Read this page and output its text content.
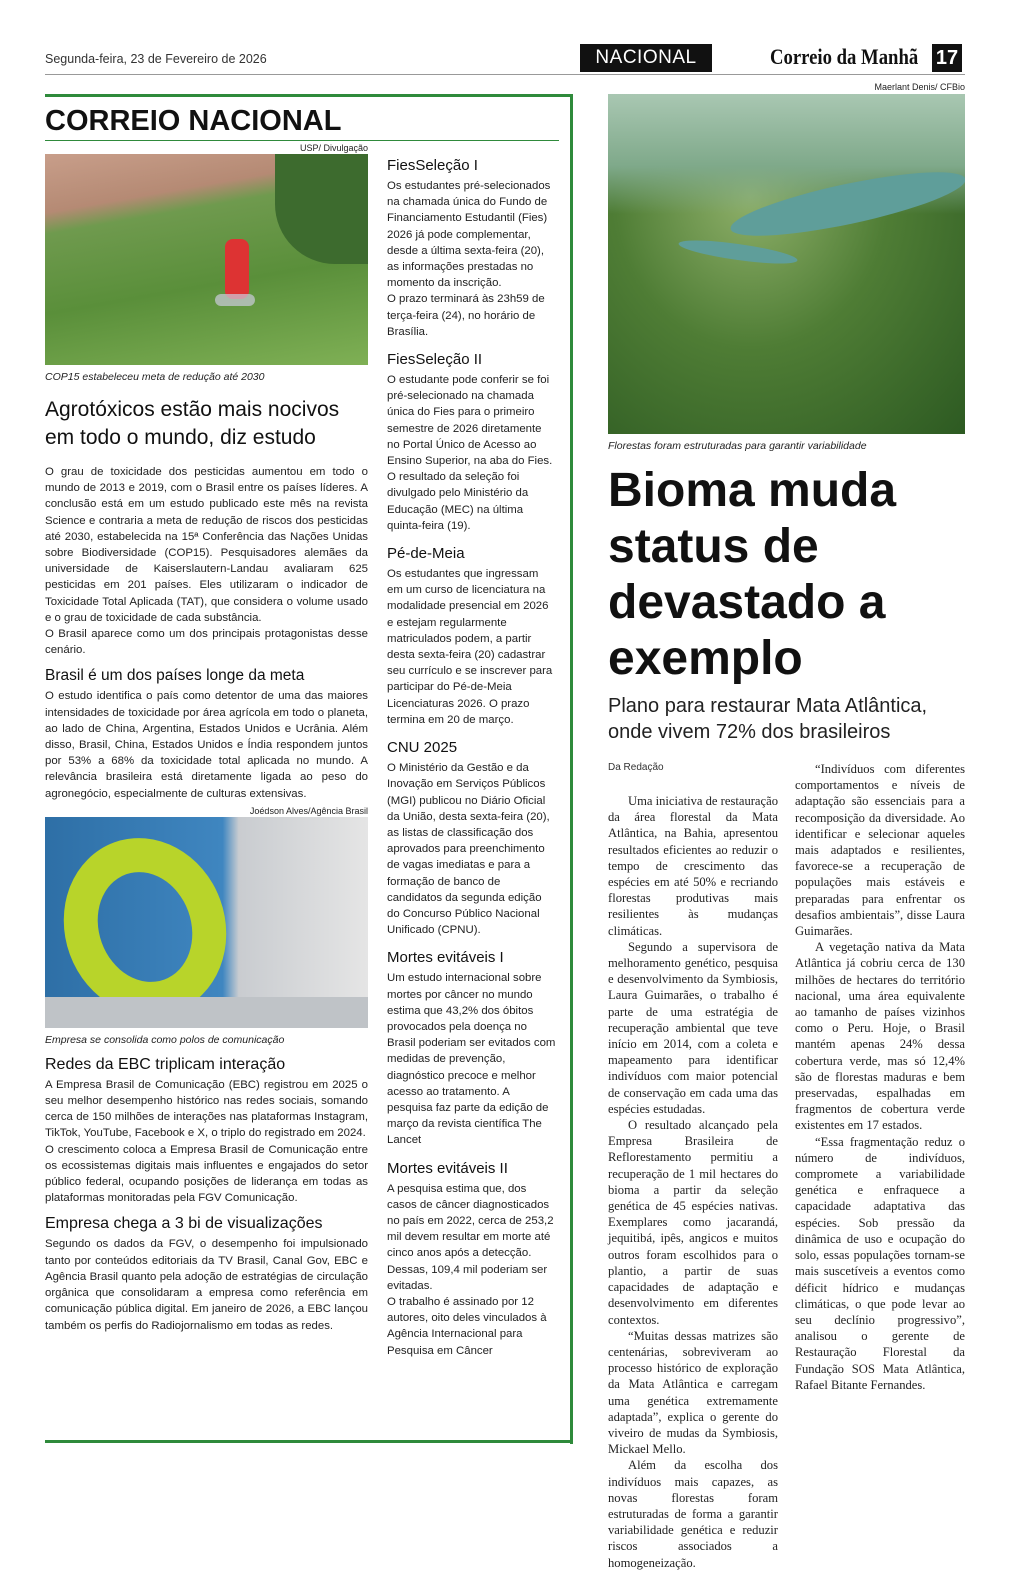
Segunda-feira, 23 de Fevereiro de 2026	NACIONAL	Correio da Manhã 17
CORREIO NACIONAL
USP/ Divulgação
COP15 estabeleceu meta de redução até 2030
Agrotóxicos estão mais nocivos em todo o mundo, diz estudo

O grau de toxicidade dos pesticidas aumentou em todo o mundo de 2013 e 2019, com o Brasil entre os países líderes. A conclusão está em um estudo publicado este mês na revista Science e contraria a meta de redução de riscos dos pesticidas até 2030, estabelecida na 15ª Conferência das Nações Unidas sobre Biodiversidade (COP15). Pesquisadores alemães da universidade de Kaiserslautern-Landau avaliaram 625 pesticidas em 201 países. Eles utilizaram o indicador de Toxicidade Total Aplicada (TAT), que considera o volume usado e o grau de toxicidade de cada substância.

O Brasil aparece como um dos principais protagonistas desse cenário.

Brasil é um dos países longe da meta

O estudo identifica o país como detentor de uma das maiores intensidades de toxicidade por área agrícola em todo o planeta, ao lado de China, Argentina, Estados Unidos e Ucrânia. Além disso, Brasil, China, Estados Unidos e Índia respondem juntos por 53% a 68% da toxicidade total aplicada no mundo. A relevância brasileira está diretamente ligada ao peso do agronegócio, especialmente de culturas extensivas.

Joédson Alves/Agência Brasil
Empresa se consolida como polos de comunicação
Redes da EBC triplicam interação

A Empresa Brasil de Comunicação (EBC) registrou em 2025 o seu melhor desempenho histórico nas redes sociais, somando cerca de 150 milhões de interações nas plataformas Instagram, TikTok, YouTube, Facebook e X, o triplo do registrado em 2024.

O crescimento coloca a Empresa Brasil de Comunicação entre os ecossistemas digitais mais influentes e engajados do setor público federal, ocupando posições de liderança em todas as plataformas monitoradas pela FGV Comunicação.

Empresa chega a 3 bi de visualizações

Segundo os dados da FGV, o desempenho foi impulsionado tanto por conteúdos editoriais da TV Brasil, Canal Gov, EBC e Agência Brasil quanto pela adoção de estratégias de circulação orgânica que consolidaram a empresa como referência em comunicação pública digital. Em janeiro de 2026, a EBC lançou também os perfis do Radiojornalismo em todas as redes.

FiesSeleção I

Os estudantes pré-selecionados na chamada única do Fundo de Financiamento Estudantil (Fies) 2026 já pode complementar, desde a última sexta-feira (20), as informações prestadas no momento da inscrição.

O prazo terminará às 23h59 de terça-feira (24), no horário de Brasília.

FiesSeleção II

O estudante pode conferir se foi pré-selecionado na chamada única do Fies para o primeiro semestre de 2026 diretamente no Portal Único de Acesso ao Ensino Superior, na aba do Fies.

O resultado da seleção foi divulgado pelo Ministério da Educação (MEC) na última quinta-feira (19).

Pé-de-Meia

Os estudantes que ingressam em um curso de licenciatura na modalidade presencial em 2026 e estejam regularmente matriculados podem, a partir desta sexta-feira (20) cadastrar seu currículo e se inscrever para participar do Pé-de-Meia Licenciaturas 2026. O prazo termina em 20 de março.

CNU 2025

O Ministério da Gestão e da Inovação em Serviços Públicos (MGI) publicou no Diário Oficial da União, desta sexta-feira (20), as listas de classificação dos aprovados para preenchimento de vagas imediatas e para a formação de banco de candidatos da segunda edição do Concurso Público Nacional Unificado (CPNU).

Mortes evitáveis I

Um estudo internacional sobre mortes por câncer no mundo estima que 43,2% dos óbitos provocados pela doença no Brasil poderiam ser evitados com medidas de prevenção, diagnóstico precoce e melhor acesso ao tratamento. A pesquisa faz parte da edição de março da revista científica The Lancet

Mortes evitáveis II

A pesquisa estima que, dos casos de câncer diagnosticados no país em 2022, cerca de 253,2 mil devem resultar em morte até cinco anos após a detecção. Dessas, 109,4 mil poderiam ser evitadas.

O trabalho é assinado por 12 autores, oito deles vinculados à Agência Internacional para Pesquisa em Câncer

Maerlant Denis/ CFBio
Florestas foram estruturadas para garantir variabilidade
Bioma muda status de devastado a exemplo
Plano para restaurar Mata Atlântica, onde vivem 72% dos brasileiros
Da Redação

Uma iniciativa de restauração da área florestal da Mata Atlântica, na Bahia, apresentou resultados eficientes ao reduzir o tempo de crescimento das espécies em até 50% e recriando florestas produtivas mais resilientes às mudanças climáticas.

Segundo a supervisora de melhoramento genético, pesquisa e desenvolvimento da Symbiosis, Laura Guimarães, o trabalho é parte de uma estratégia de recuperação ambiental que teve início em 2014, com a coleta e mapeamento para identificar indivíduos com maior potencial de conservação em cada uma das espécies estudadas.

O resultado alcançado pela Empresa Brasileira de Reflorestamento permitiu a recuperação de 1 mil hectares do bioma a partir da seleção genética de 45 espécies nativas. Exemplares como jacarandá, jequitibá, ipês, angicos e muitos outros foram escolhidos para o plantio, a partir de suas capacidades de adaptação e desenvolvimento em diferentes contextos.

“Muitas dessas matrizes são centenárias, sobreviveram ao processo histórico de exploração da Mata Atlântica e carregam uma genética extremamente adaptada”, explica o gerente do viveiro de mudas da Symbiosis, Mickael Mello.

Além da escolha dos indivíduos mais capazes, as novas florestas foram estruturadas de forma a garantir variabilidade genética e reduzir riscos associados a homogeneização.

“Indivíduos com diferentes comportamentos e níveis de adaptação são essenciais para a recomposição da diversidade. Ao identificar e selecionar aqueles mais adaptados e resilientes, favorece-se a recuperação de populações mais estáveis e preparadas para enfrentar os desafios ambientais”, disse Laura Guimarães.

A vegetação nativa da Mata Atlântica já cobriu cerca de 130 milhões de hectares do território nacional, uma área equivalente ao tamanho de países vizinhos como o Peru. Hoje, o Brasil mantém apenas 24% dessa cobertura verde, mas só 12,4% são de florestas maduras e bem preservadas, espalhadas em fragmentos de cobertura verde existentes em 17 estados.

“Essa fragmentação reduz o número de indivíduos, compromete a variabilidade genética e enfraquece a capacidade adaptativa das espécies. Sob pressão da dinâmica de uso e ocupação do solo, essas populações tornam-se mais suscetíveis a eventos como déficit hídrico e mudanças climáticas, o que pode levar ao seu declínio progressivo”, analisou o gerente de Restauração Florestal da Fundação SOS Mata Atlântica, Rafael Bitante Fernandes.
